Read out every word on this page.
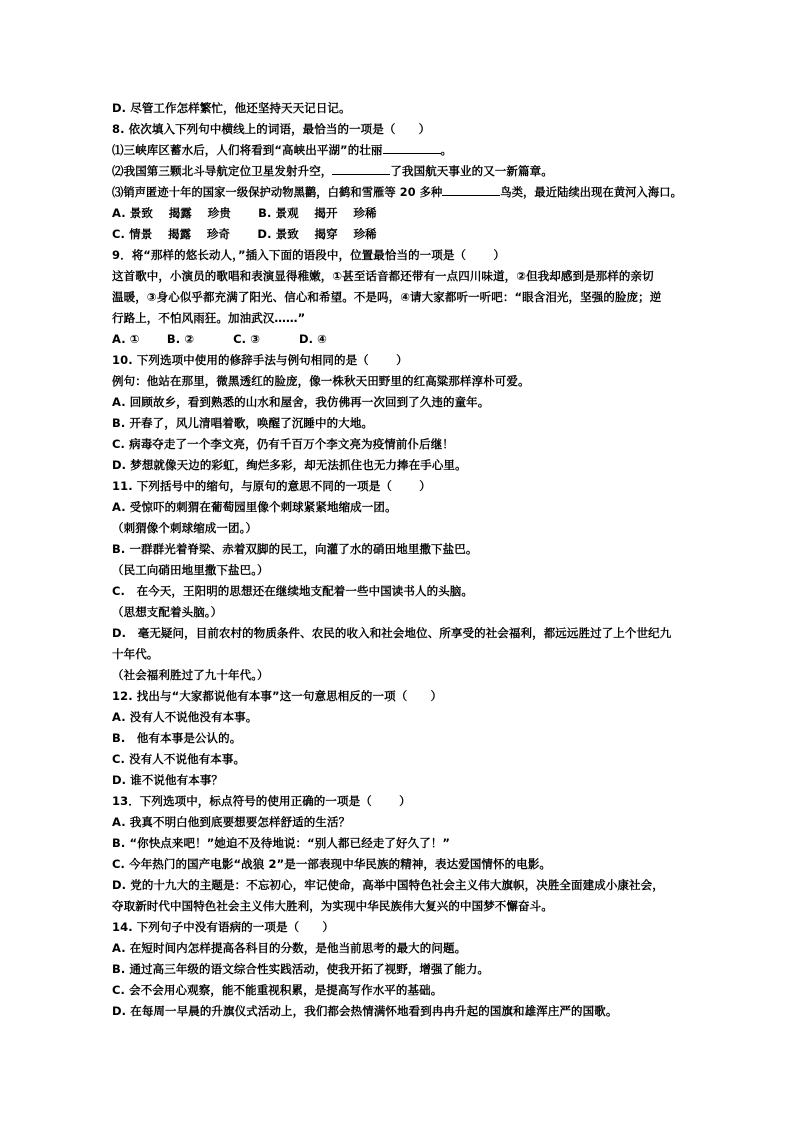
D. 尽管工作怎样繁忙，他还坚持天天记日记。
8. 依次填入下列句中横线上的词语，最恰当的一项是（　　）
⑴三峡库区蓄水后，人们将看到“高峡出平湖”的壮丽	。
⑵我国第三颗北斗导航定位卫星发射升空，	了我国航天事业的又一新篇章。
⑶销声匿迹十年的国家一级保护动物黑鹳，白鹤和雪雁等 20 多种	鸟类，最近陆续出现在黄河入海口。
A. 景致　 揭露　 珍贵　　 B. 景观　 揭开　 珍稀
C. 情景　 揭露　 珍奇　　 D. 景致　 揭穿　 珍稀
9．将“那样的悠长动人，”插入下面的语段中，位置最恰当的一项是（　　 ）
这首歌中，小演员的歌唱和表演显得稚嫩，①甚至话音都还带有一点四川味道，②但我却感到是那样的亲切
温暖，③身心似乎都充满了阳光、信心和希望。不是吗，④请大家都听一听吧：“眼含泪光，坚强的脸庞；逆
行路上，不怕风雨狂。加油武汉……”
A. ①　　 B. ②　　　 C. ③　　　 D. ④
10. 下列选项中使用的修辞手法与例句相同的是（　　 ）
例句：他站在那里，微黑透红的脸庞，像一株秋天田野里的红高粱那样淳朴可爱。
A. 回顾故乡，看到熟悉的山水和屋舍，我仿佛再一次回到了久违的童年。
B. 开春了，风儿清唱着歌，唤醒了沉睡中的大地。
C. 病毒夺走了一个李文亮，仍有千百万个李文亮为疫情前仆后继！
D. 梦想就像天边的彩虹，绚烂多彩，却无法抓住也无力捧在手心里。
11. 下列括号中的缩句，与原句的意思不同的一项是（　　 ）
A. 受惊吓的刺猬在葡萄园里像个刺球紧紧地缩成一团。
（刺猬像个刺球缩成一团。）
B. 一群群光着脊梁、赤着双脚的民工，向灌了水的硝田地里撒下盐巴。
（民工向硝田地里撒下盐巴。）
C.　在今天，王阳明的思想还在继续地支配着一些中国读书人的头脑。
（思想支配着头脑。）
D.　毫无疑问，目前农村的物质条件、农民的收入和社会地位、所享受的社会福利，都远远胜过了上个世纪九
十年代。
（社会福利胜过了九十年代。）
12. 找出与“大家都说他有本事”这一句意思相反的一项（　　）
A. 没有人不说他没有本事。
B.　他有本事是公认的。
C. 没有人不说他有本事。
D. 谁不说他有本事？
13．下列选项中，标点符号的使用正确的一项是（　　 ）
A. 我真不明白他到底要想要怎样舒适的生活？
B. “你快点来吧！”她迫不及待地说：“别人都已经走了好久了！”
C. 今年热门的国产电影“战狼 2”是一部表现中华民族的精神，表达爱国情怀的电影。
D. 党的十九大的主题是：不忘初心，牢记使命，高举中国特色社会主义伟大旗帜，决胜全面建成小康社会，
夺取新时代中国特色社会主义伟大胜利，为实现中华民族伟大复兴的中国梦不懈奋斗。
14. 下列句子中没有语病的一项是（　　）
A. 在短时间内怎样提高各科目的分数，是他当前思考的最大的问题。
B. 通过高三年级的语文综合性实践活动，使我开拓了视野，增强了能力。
C. 会不会用心观察，能不能重视积累，是提高写作水平的基础。
D. 在每周一早晨的升旗仪式活动上，我们都会热情满怀地看到冉冉升起的国旗和雄浑庄严的国歌。
